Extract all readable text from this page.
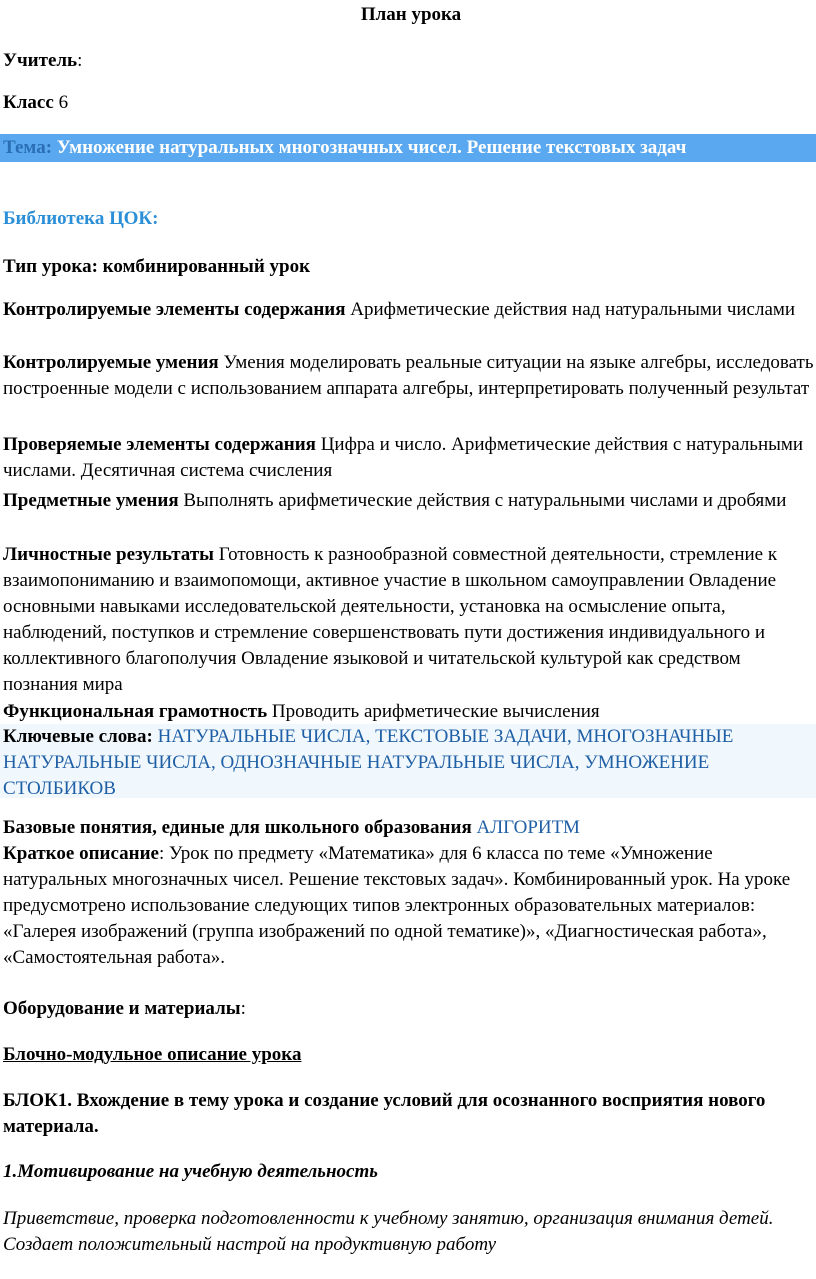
План урока

Учитель:

Класс 6

Тема: Умножение натуральных многозначных чисел. Решение текстовых задач

Библиотека ЦОК:

Тип урока: комбинированный урок

Контролируемые элементы содержания Арифметические действия над натуральными числами

Контролируемые умения Умения моделировать реальные ситуации на языке алгебры, исследовать построенные модели с использованием аппарата алгебры, интерпретировать полученный результат

Проверяемые элементы содержания Цифра и число. Арифметические действия с натуральными числами. Десятичная система счисления

Предметные умения Выполнять арифметические действия с натуральными числами и дробями

Личностные результаты Готовность к разнообразной совместной деятельности, стремление к взаимопониманию и взаимопомощи, активное участие в школьном самоуправлении Овладение основными навыками исследовательской деятельности, установка на осмысление опыта, наблюдений, поступков и стремление совершенствовать пути достижения индивидуального и коллективного благополучия Овладение языковой и читательской культурой как средством познания мира

Функциональная грамотность Проводить арифметические вычисления

Ключевые слова: НАТУРАЛЬНЫЕ ЧИСЛА, ТЕКСТОВЫЕ ЗАДАЧИ, МНОГОЗНАЧНЫЕ НАТУРАЛЬНЫЕ ЧИСЛА, ОДНОЗНАЧНЫЕ НАТУРАЛЬНЫЕ ЧИСЛА, УМНОЖЕНИЕ СТОЛБИКОВ

Базовые понятия, единые для школьного образования АЛГОРИТМ

Краткое описание: Урок по предмету «Математика» для 6 класса по теме «Умножение натуральных многозначных чисел. Решение текстовых задач». Комбинированный урок. На уроке предусмотрено использование следующих типов электронных образовательных материалов: «Галерея изображений (группа изображений по одной тематике)», «Диагностическая работа», «Самостоятельная работа».

Оборудование и материалы:

Блочно-модульное описание урока

БЛОК1. Вхождение в тему урока и создание условий для осознанного восприятия нового материала.

1.Мотивирование на учебную деятельность

Приветствие, проверка подготовленности к учебному занятию, организация внимания детей. Создает положительный настрой на продуктивную работу
